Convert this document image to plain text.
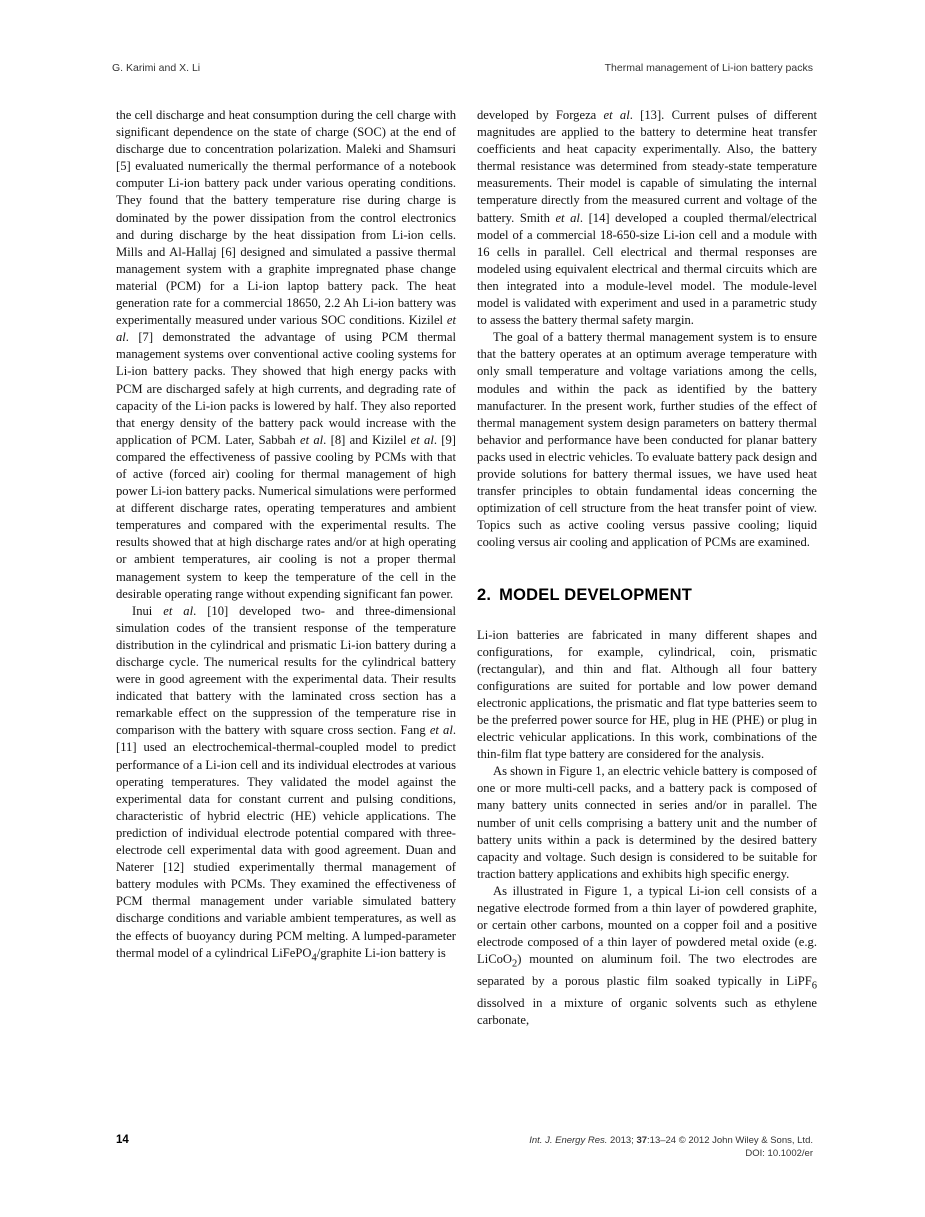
G. Karimi and X. Li	Thermal management of Li-ion battery packs

the cell discharge and heat consumption during the cell charge with significant dependence on the state of charge (SOC) at the end of discharge due to concentration polarization. Maleki and Shamsuri [5] evaluated numerically the thermal performance of a notebook computer Li-ion battery pack under various operating conditions. They found that the battery temperature rise during charge is dominated by the power dissipation from the control electronics and during discharge by the heat dissipation from Li-ion cells. Mills and Al-Hallaj [6] designed and simulated a passive thermal management system with a graphite impregnated phase change material (PCM) for a Li-ion laptop battery pack. The heat generation rate for a commercial 18650, 2.2 Ah Li-ion battery was experimentally measured under various SOC conditions. Kizilel et al. [7] demonstrated the advantage of using PCM thermal management systems over conventional active cooling systems for Li-ion battery packs. They showed that high energy packs with PCM are discharged safely at high currents, and degrading rate of capacity of the Li-ion packs is lowered by half. They also reported that energy density of the battery pack would increase with the application of PCM. Later, Sabbah et al. [8] and Kizilel et al. [9] compared the effectiveness of passive cooling by PCMs with that of active (forced air) cooling for thermal management of high power Li-ion battery packs. Numerical simulations were performed at different discharge rates, operating temperatures and ambient temperatures and compared with the experimental results. The results showed that at high discharge rates and/or at high operating or ambient temperatures, air cooling is not a proper thermal management system to keep the temperature of the cell in the desirable operating range without expending significant fan power.

Inui et al. [10] developed two- and three-dimensional simulation codes of the transient response of the temperature distribution in the cylindrical and prismatic Li-ion battery during a discharge cycle. The numerical results for the cylindrical battery were in good agreement with the experimental data. Their results indicated that battery with the laminated cross section has a remarkable effect on the suppression of the temperature rise in comparison with the battery with square cross section. Fang et al. [11] used an electrochemical-thermal-coupled model to predict performance of a Li-ion cell and its individual electrodes at various operating temperatures. They validated the model against the experimental data for constant current and pulsing conditions, characteristic of hybrid electric (HE) vehicle applications. The prediction of individual electrode potential compared with three-electrode cell experimental data with good agreement. Duan and Naterer [12] studied experimentally thermal management of battery modules with PCMs. They examined the effectiveness of PCM thermal management under variable simulated battery discharge conditions and variable ambient temperatures, as well as the effects of buoyancy during PCM melting. A lumped-parameter thermal model of a cylindrical LiFePO$_4$/graphite Li-ion battery is

developed by Forgeza et al. [13]. Current pulses of different magnitudes are applied to the battery to determine heat transfer coefficients and heat capacity experimentally. Also, the battery thermal resistance was determined from steady-state temperature measurements. Their model is capable of simulating the internal temperature directly from the measured current and voltage of the battery. Smith et al. [14] developed a coupled thermal/electrical model of a commercial 18-650-size Li-ion cell and a module with 16 cells in parallel. Cell electrical and thermal responses are modeled using equivalent electrical and thermal circuits which are then integrated into a module-level model. The module-level model is validated with experiment and used in a parametric study to assess the battery thermal safety margin.

The goal of a battery thermal management system is to ensure that the battery operates at an optimum average temperature with only small temperature and voltage variations among the cells, modules and within the pack as identified by the battery manufacturer. In the present work, further studies of the effect of thermal management system design parameters on battery thermal behavior and performance have been conducted for planar battery packs used in electric vehicles. To evaluate battery pack design and provide solutions for battery thermal issues, we have used heat transfer principles to obtain fundamental ideas concerning the optimization of cell structure from the heat transfer point of view. Topics such as active cooling versus passive cooling; liquid cooling versus air cooling and application of PCMs are examined.

2. MODEL DEVELOPMENT

Li-ion batteries are fabricated in many different shapes and configurations, for example, cylindrical, coin, prismatic (rectangular), and thin and flat. Although all four battery configurations are suited for portable and low power demand electronic applications, the prismatic and flat type batteries seem to be the preferred power source for HE, plug in HE (PHE) or plug in electric vehicular applications. In this work, combinations of the thin-film flat type battery are considered for the analysis.

As shown in Figure 1, an electric vehicle battery is composed of one or more multi-cell packs, and a battery pack is composed of many battery units connected in series and/or in parallel. The number of unit cells comprising a battery unit and the number of battery units within a pack is determined by the desired battery capacity and voltage. Such design is considered to be suitable for traction battery applications and exhibits high specific energy.

As illustrated in Figure 1, a typical Li-ion cell consists of a negative electrode formed from a thin layer of powdered graphite, or certain other carbons, mounted on a copper foil and a positive electrode composed of a thin layer of powdered metal oxide (e.g. LiCoO$_2$) mounted on aluminum foil. The two electrodes are separated by a porous plastic film soaked typically in LiPF$_6$ dissolved in a mixture of organic solvents such as ethylene carbonate,

14	Int. J. Energy Res. 2013; 37:13–24 © 2012 John Wiley & Sons, Ltd.
DOI: 10.1002/er
